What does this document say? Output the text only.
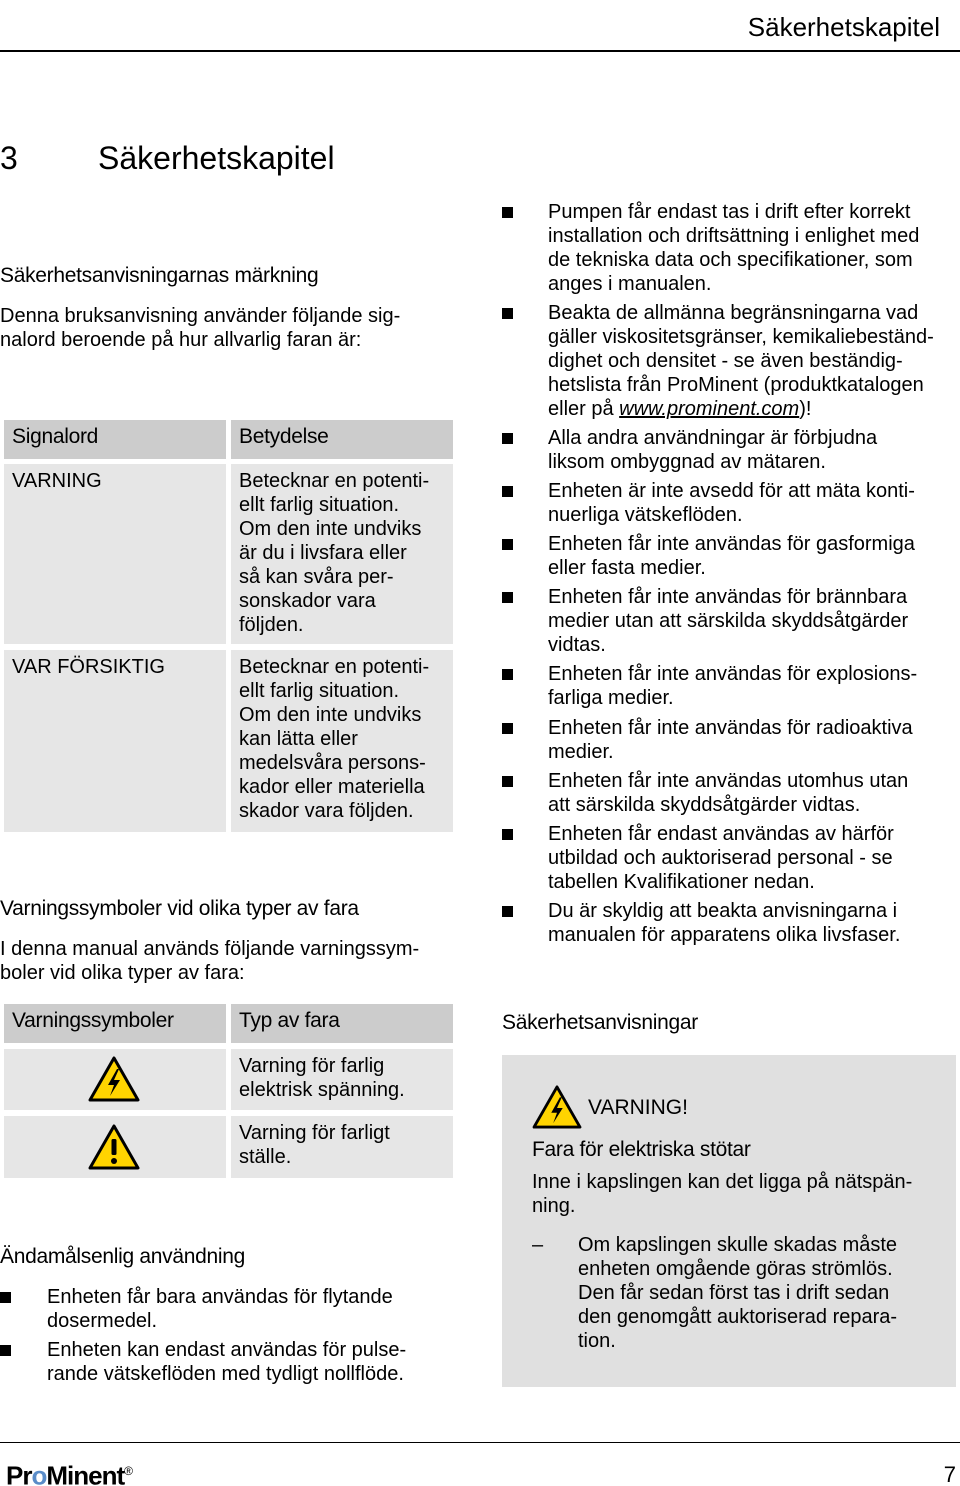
Säkerhetskapitel
3	Säkerhetskapitel
Säkerhetsanvisningarnas märkning
Denna bruksanvisning använder följande sig-
nalord beroende på hur allvarlig faran är:
Signalord	Betydelse
VARNING	Betecknar en potenti-
ellt farlig situation.
Om den inte undviks
är du i livsfara eller
så kan svåra per-
sonskador vara
följden.
VAR FÖRSIKTIG	Betecknar en potenti-
ellt farlig situation.
Om den inte undviks
kan lätta eller
medelsvåra persons-
kador eller materiella
skador vara följden.
Varningssymboler vid olika typer av fara
I denna manual används följande varningssym-
boler vid olika typer av fara:
Varningssymboler	Typ av fara
Varning för farlig
elektrisk spänning.
Varning för farligt
ställe.
Ändamålsenlig användning
Enheten får bara användas för flytande
dosermedel.
Enheten kan endast användas för pulse-
rande vätskeflöden med tydligt nollflöde.
Pumpen får endast tas i drift efter korrekt
installation och driftsättning i enlighet med
de tekniska data och specifikationer, som
anges i manualen.
Beakta de allmänna begränsningarna vad
gäller viskositetsgränser, kemikaliebeständ-
dighet och densitet - se även beständig-
hetslista från ProMinent (produktkatalogen
eller på www.prominent.com)!
Alla andra användningar är förbjudna
liksom ombyggnad av mätaren.
Enheten är inte avsedd för att mäta konti-
nuerliga vätskeflöden.
Enheten får inte användas för gasformiga
eller fasta medier.
Enheten får inte användas för brännbara
medier utan att särskilda skyddsåtgärder
vidtas.
Enheten får inte användas för explosions-
farliga medier.
Enheten får inte användas för radioaktiva
medier.
Enheten får inte användas utomhus utan
att särskilda skyddsåtgärder vidtas.
Enheten får endast användas av härför
utbildad och auktoriserad personal - se
tabellen Kvalifikationer nedan.
Du är skyldig att beakta anvisningarna i
manualen för apparatens olika livsfaser.
Säkerhetsanvisningar
VARNING!
Fara för elektriska stötar
Inne i kapslingen kan det ligga på nätspän-
ning.
– Om kapslingen skulle skadas måste
enheten omgående göras strömlös.
Den får sedan först tas i drift sedan
den genomgått auktoriserad repara-
tion.
ProMinent®	7
